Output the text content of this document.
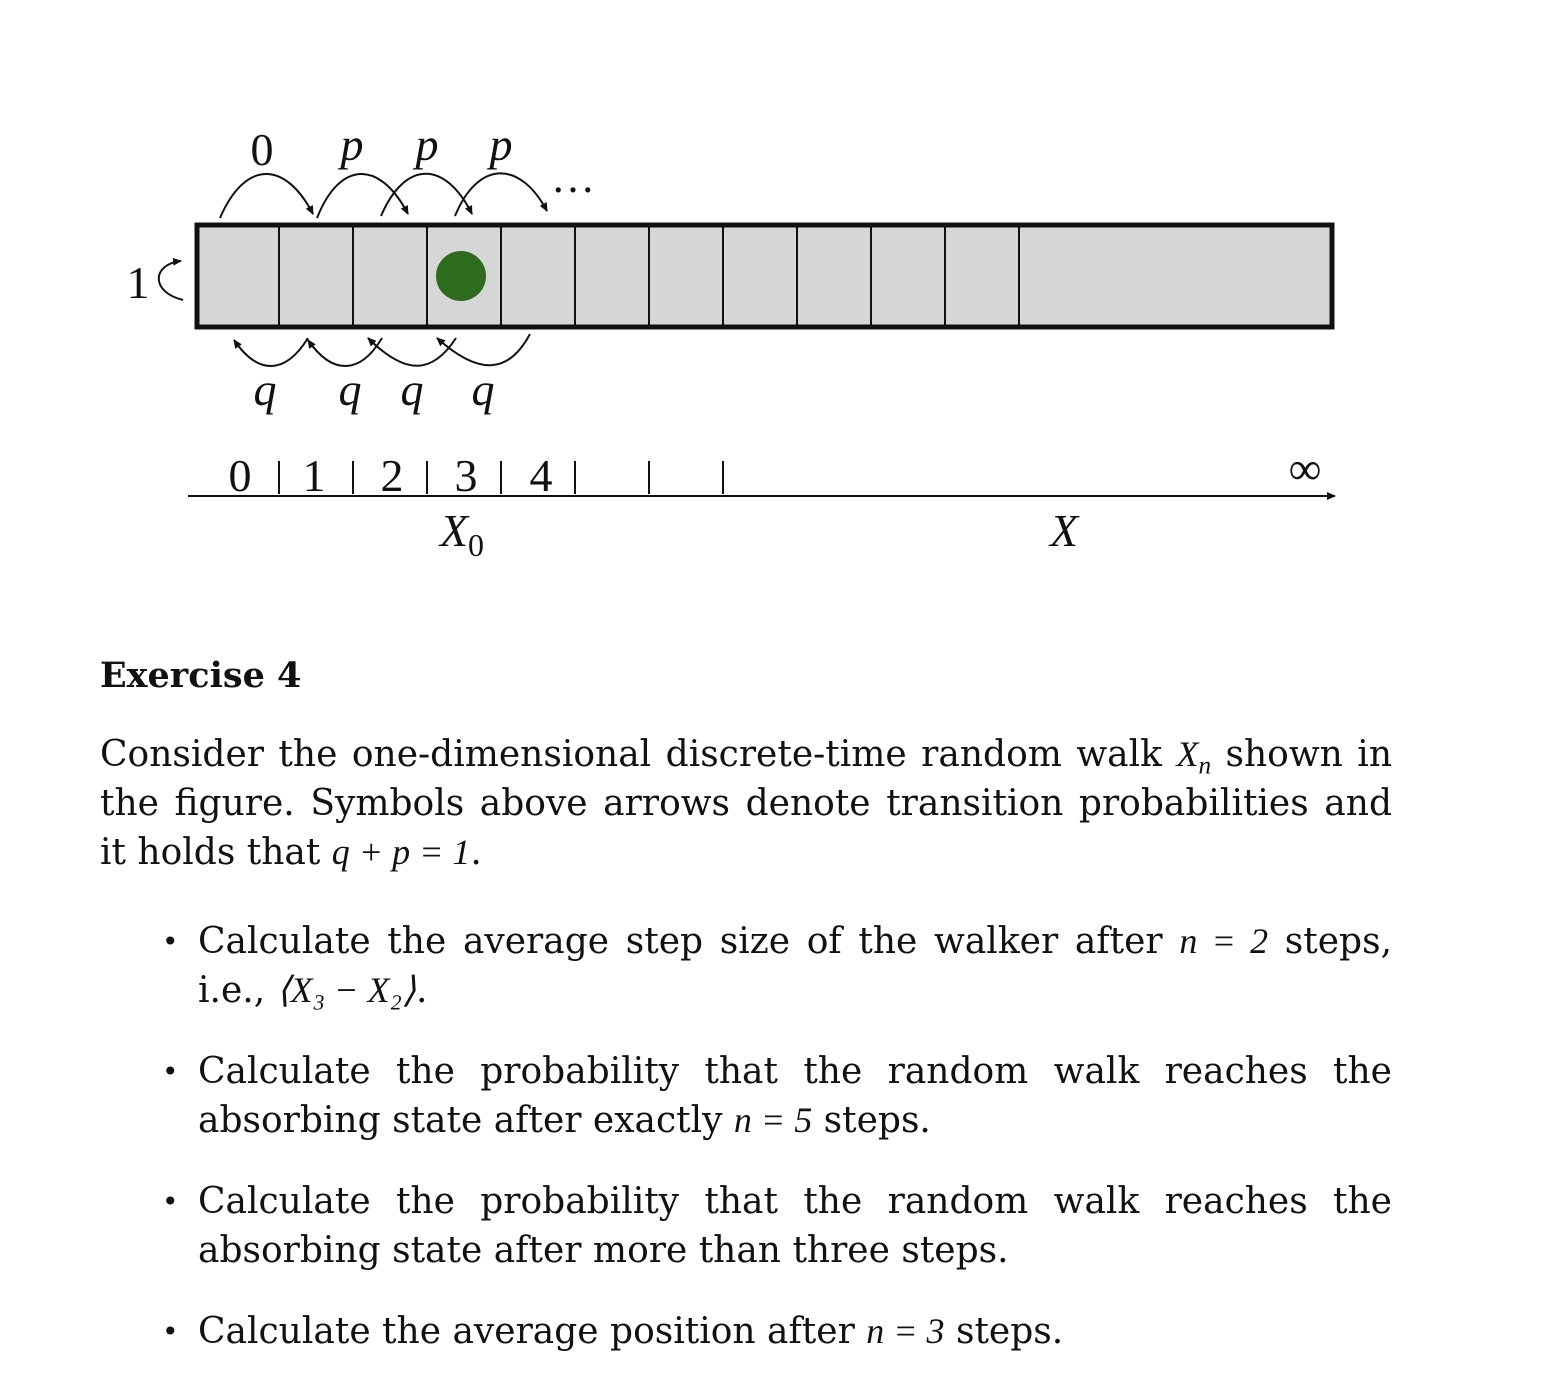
0 p p p
…
1
q q q q
0 1 2 3 4	∞
$X_0$	X
Exercise 4

Consider the one-dimensional discrete-time random walk $X_n$ shown in the figure. Symbols above arrows denote transition probabilities and it holds that q + p = 1.

• Calculate the average step size of the walker after n = 2 steps, i.e., ⟨X₃ − X₂⟩.
• Calculate the probability that the random walk reaches the absorbing state after exactly n = 5 steps.
• Calculate the probability that the random walk reaches the absorbing state after more than three steps.
• Calculate the average position after n = 3 steps.
